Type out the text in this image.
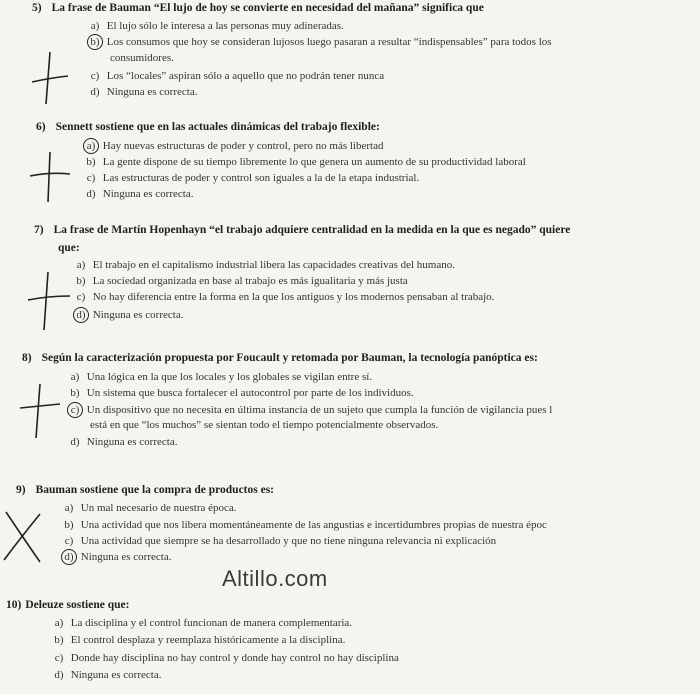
5) La frase de Bauman “El lujo de hoy se convierte en necesidad del mañana” significa que
a) El lujo sólo le interesa a las personas muy adineradas.
b) Los consumos que hoy se consideran lujosos luego pasaran a resultar “indispensables” para todos los
consumidores.
c) Los “locales” aspiran sólo a aquello que no podrán tener nunca
d) Ninguna es correcta.
6) Sennett sostiene que en las actuales dinámicas del trabajo flexible:
a) Hay nuevas estructuras de poder y control, pero no más libertad
b) La gente dispone de su tiempo libremente lo que genera un aumento de su productividad laboral
c) Las estructuras de poder y control son iguales a la de la etapa industrial.
d) Ninguna es correcta.
7) La frase de Martín Hopenhayn “el trabajo adquiere centralidad en la medida en la que es negado” quiere
que:
a) El trabajo en el capitalismo industrial libera las capacidades creativas del humano.
b) La sociedad organizada en base al trabajo es más igualitaria y más justa
c) No hay diferencia entre la forma en la que los antiguos y los modernos pensaban al trabajo.
d) Ninguna es correcta.
8) Según la caracterización propuesta por Foucault y retomada por Bauman, la tecnología panóptica es:
a) Una lógica en la que los locales y los globales se vigilan entre sí.
b) Un sistema que busca fortalecer el autocontrol por parte de los individuos.
c) Un dispositivo que no necesita en última instancia de un sujeto que cumpla la función de vigilancia pues l
está en que “los muchos” se sientan todo el tiempo potencialmente observados.
d) Ninguna es correcta.
9) Bauman sostiene que la compra de productos es:
a) Un mal necesario de nuestra época.
b) Una actividad que nos libera momentáneamente de las angustias e incertidumbres propias de nuestra époc
c) Una actividad que siempre se ha desarrollado y que no tiene ninguna relevancia ni explicación
d) Ninguna es correcta.
10) Deleuze sostiene que:
a) La disciplina y el control funcionan de manera complementaria.
b) El control desplaza y reemplaza históricamente a la disciplina.
c) Donde hay disciplina no hay control y donde hay control no hay disciplina
d) Ninguna es correcta.
Altillo.com
